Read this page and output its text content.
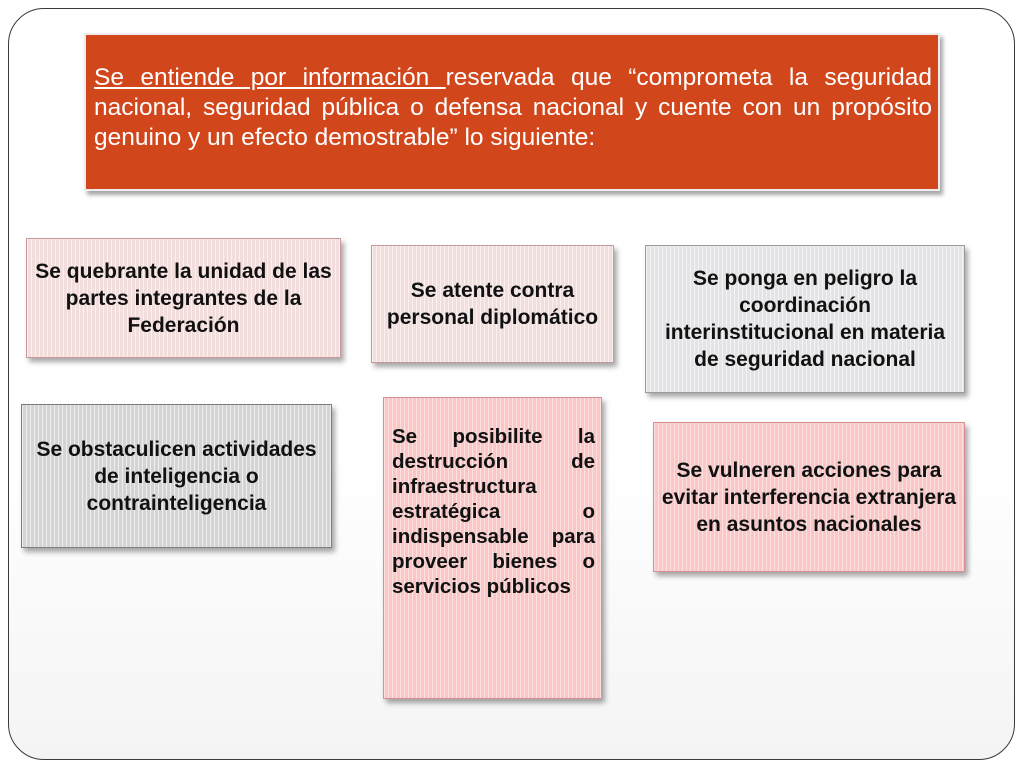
Se entiende por información reservada que “comprometa la seguridad nacional, seguridad pública o defensa nacional y cuente con un propósito genuino y un efecto demostrable” lo siguiente:
Se quebrante la unidad de las partes integrantes de la Federación
Se atente contra personal diplomático
Se ponga en peligro la coordinación interinstitucional en materia de seguridad nacional
Se obstaculicen actividades de inteligencia o contrainteligencia
Se posibilite la destrucción de infraestructura estratégica o indispensable para proveer bienes o servicios públicos
Se vulneren acciones para evitar interferencia extranjera en asuntos nacionales
